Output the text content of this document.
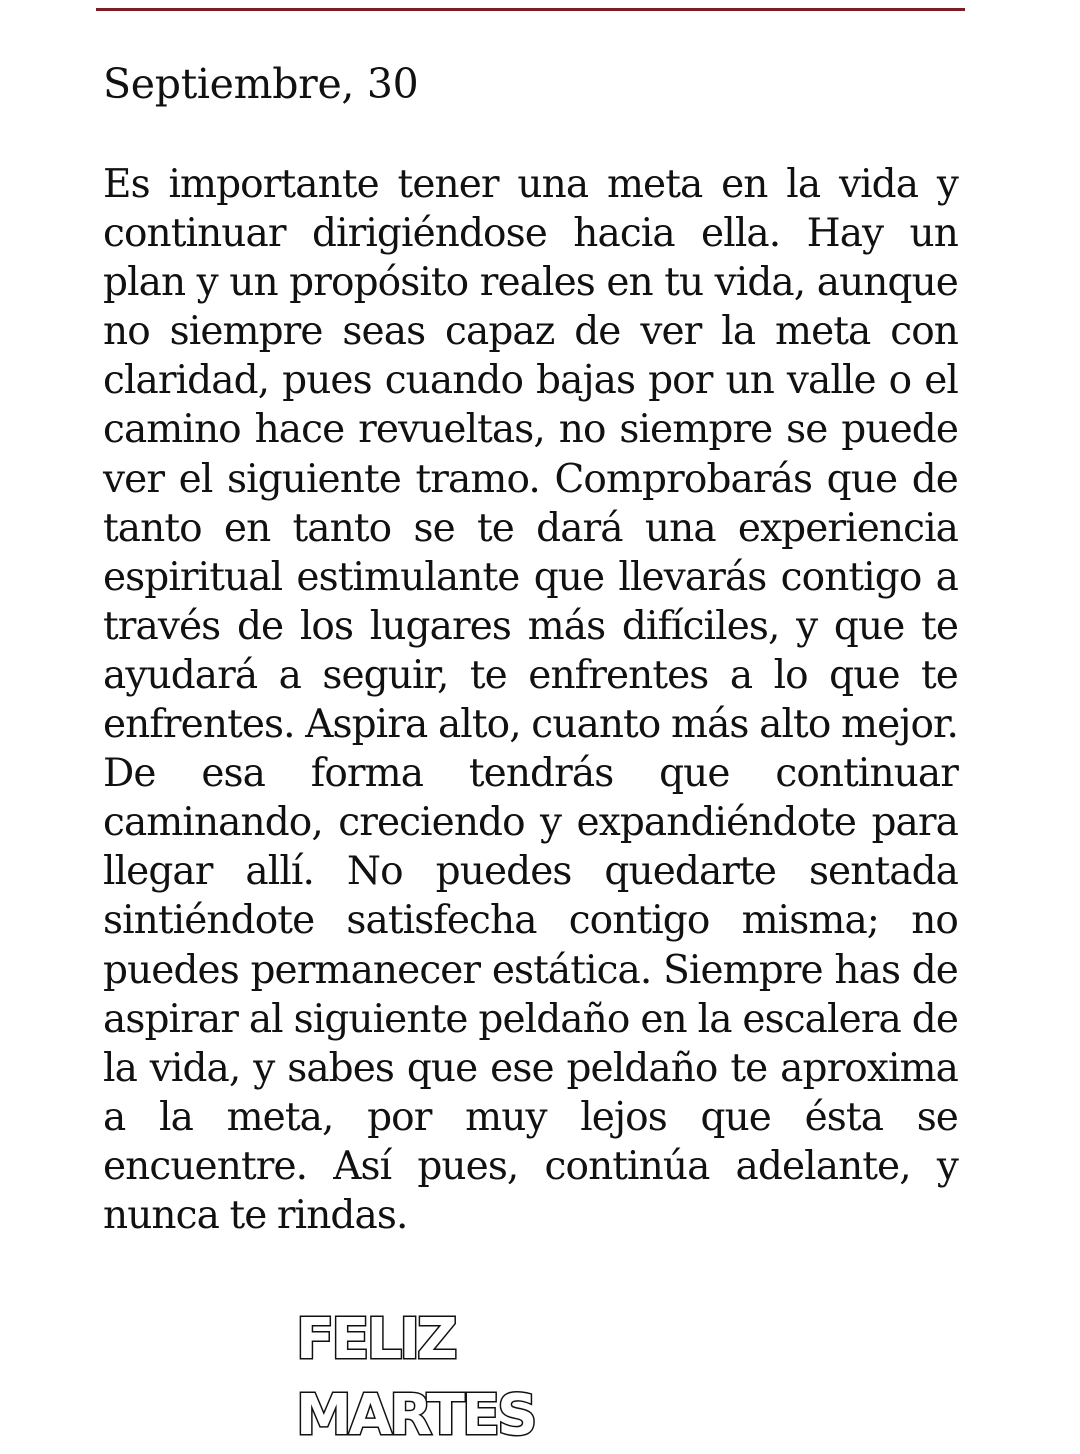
Septiembre, 30

Es importante tener una meta en la vida y continuar dirigiéndose hacia ella. Hay un plan y un propósito reales en tu vida, aunque no siempre seas capaz de ver la meta con claridad, pues cuando bajas por un valle o el camino hace revueltas, no siempre se puede ver el siguiente tramo. Comprobarás que de tanto en tanto se te dará una experiencia espiritual estimulante que llevarás contigo a través de los lugares más difíciles, y que te ayudará a seguir, te enfrentes a lo que te enfrentes. Aspira alto, cuanto más alto mejor. De esa forma tendrás que continuar caminando, creciendo y expandiéndote para llegar allí. No puedes quedarte sentada sintiéndote satisfecha contigo misma; no puedes permanecer estática. Siempre has de aspirar al siguiente peldaño en la escalera de la vida, y sabes que ese peldaño te aproxima a la meta, por muy lejos que ésta se encuentre. Así pues, continúa adelante, y nunca te rindas.

FELIZ MARTES
